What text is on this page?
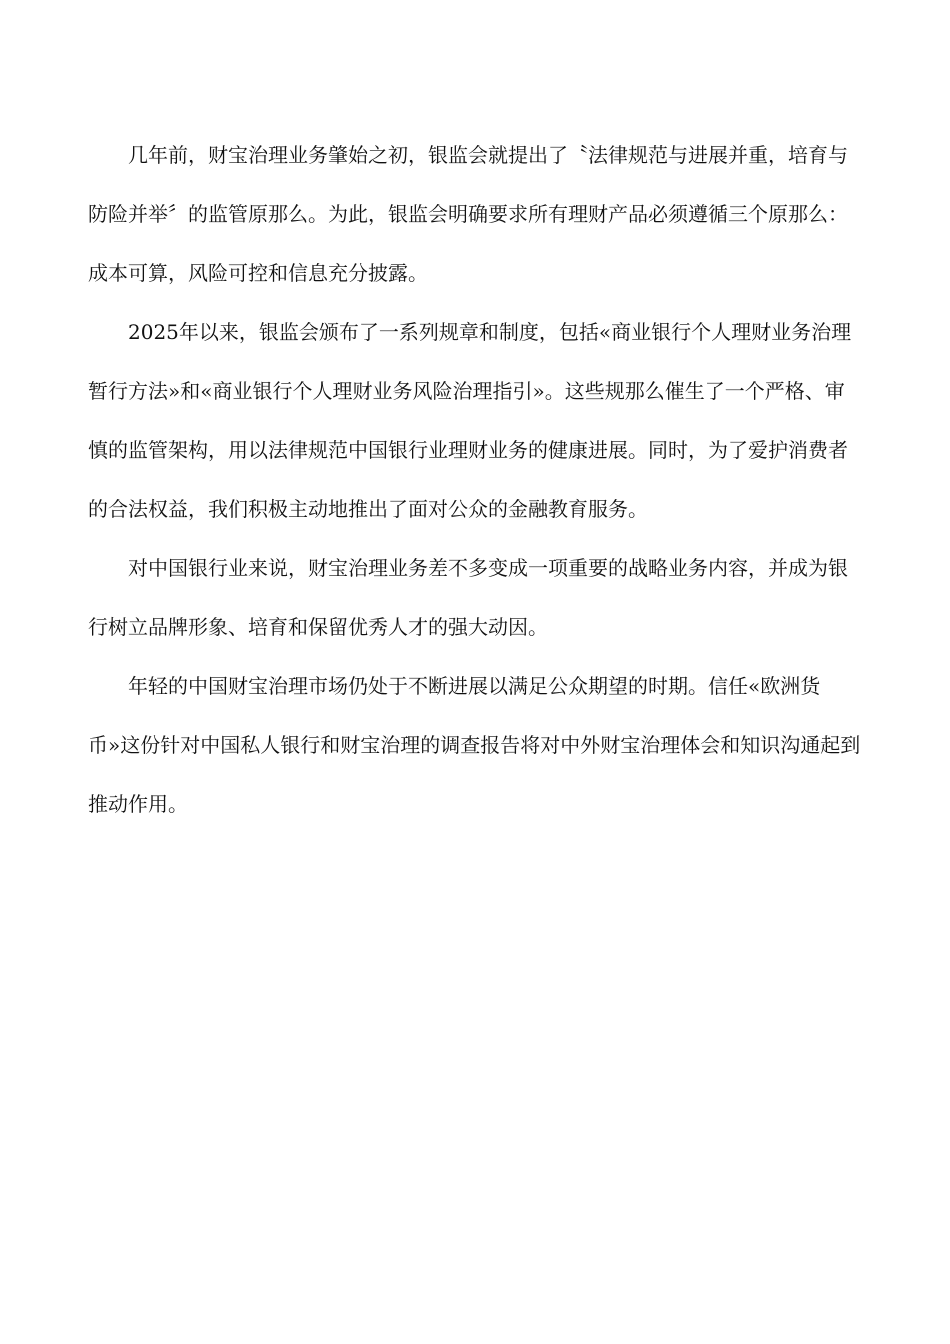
几年前，财宝治理业务肇始之初，银监会就提出了〝法律规范与进展并重，培育与防险并举〞的监管原那么。为此，银监会明确要求所有理财产品必须遵循三个原那么：成本可算，风险可控和信息充分披露。

2025年以来，银监会颁布了一系列规章和制度，包括«商业银行个人理财业务治理暂行方法»和«商业银行个人理财业务风险治理指引»。这些规那么催生了一个严格、审慎的监管架构，用以法律规范中国银行业理财业务的健康进展。同时，为了爱护消费者的合法权益，我们积极主动地推出了面对公众的金融教育服务。

对中国银行业来说，财宝治理业务差不多变成一项重要的战略业务内容，并成为银行树立品牌形象、培育和保留优秀人才的强大动因。

年轻的中国财宝治理市场仍处于不断进展以满足公众期望的时期。信任«欧洲货币»这份针对中国私人银行和财宝治理的调查报告将对中外财宝治理体会和知识沟通起到推动作用。
